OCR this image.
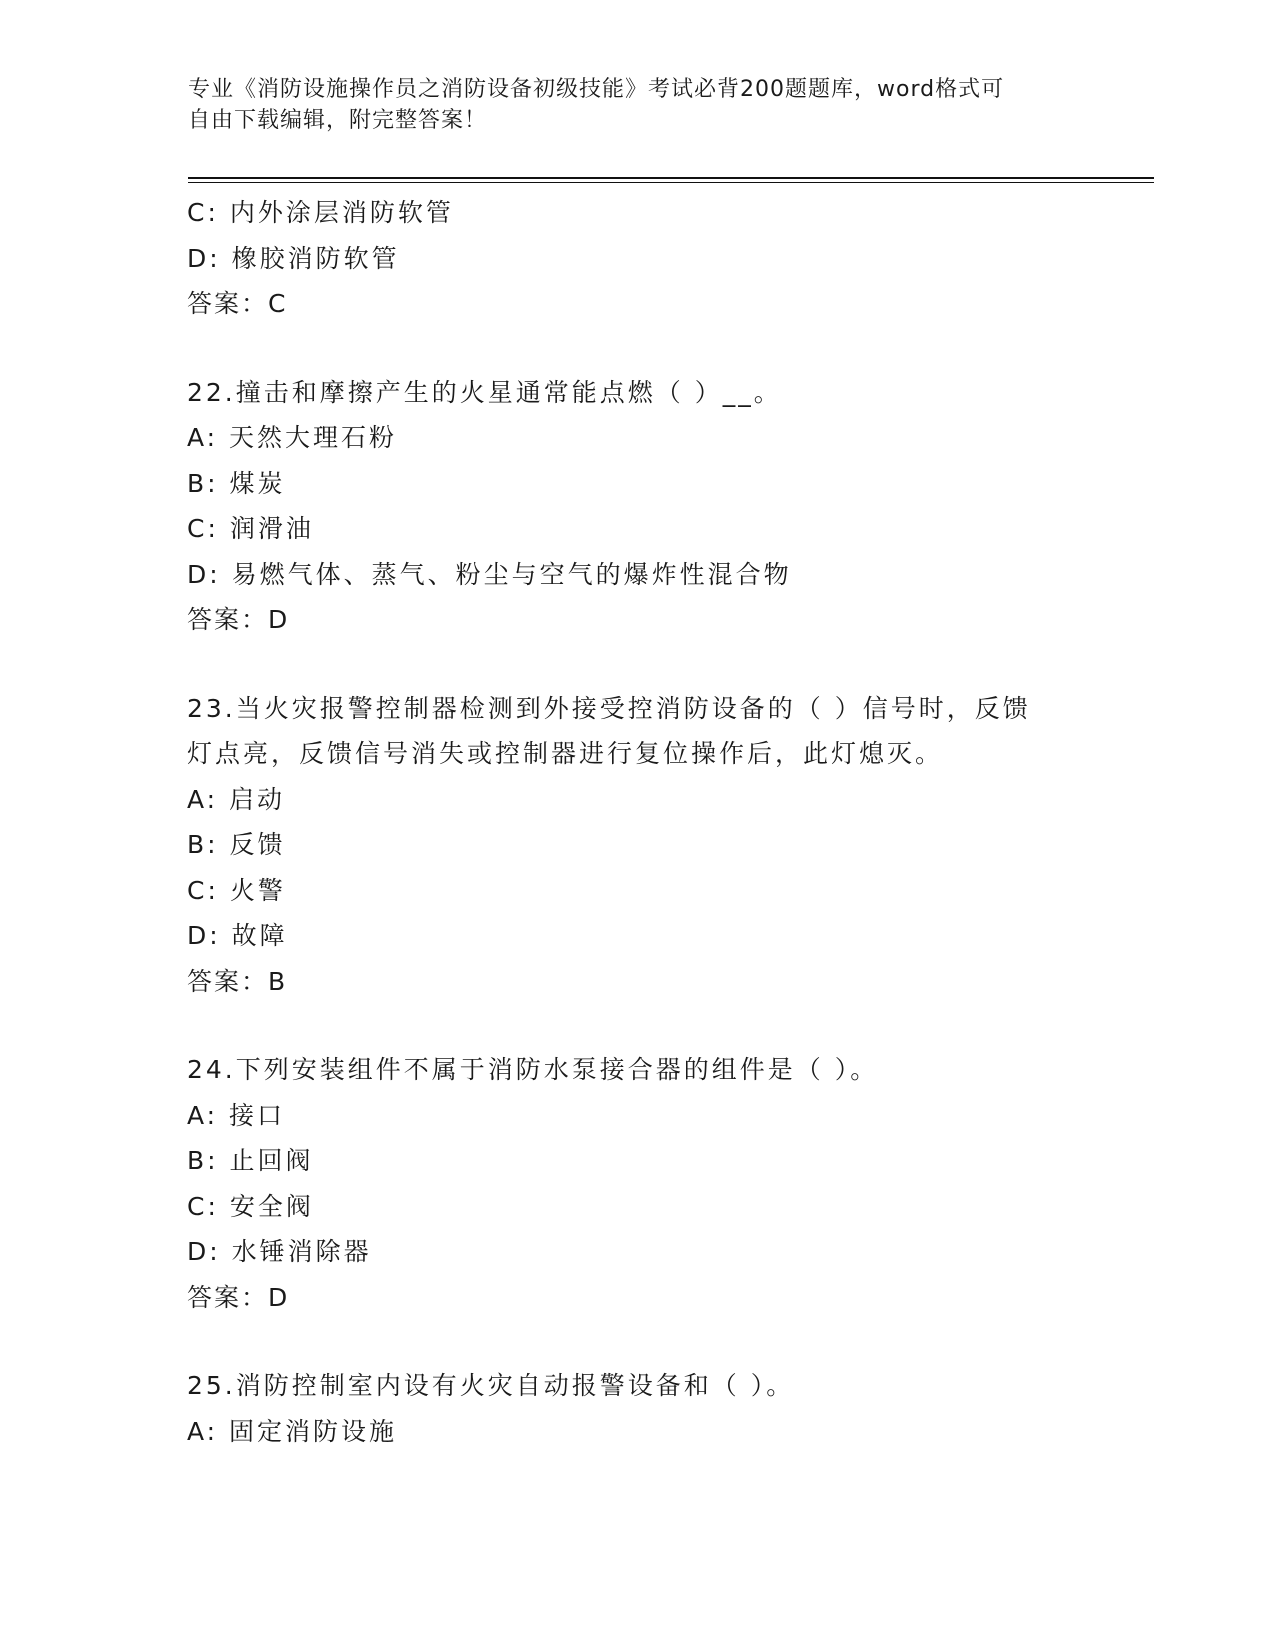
专业《消防设施操作员之消防设备初级技能》考试必背200题题库，word格式可
自由下载编辑，附完整答案！
C: 内外涂层消防软管
D: 橡胶消防软管
答案：C
22.撞击和摩擦产生的火星通常能点燃（ ）__。
A: 天然大理石粉
B: 煤炭
C: 润滑油
D: 易燃气体、蒸气、粉尘与空气的爆炸性混合物
答案：D
23.当火灾报警控制器检测到外接受控消防设备的（ ）信号时，反馈
灯点亮，反馈信号消失或控制器进行复位操作后，此灯熄灭。
A: 启动
B: 反馈
C: 火警
D: 故障
答案：B
24.下列安装组件不属于消防水泵接合器的组件是（ ）。
A: 接口
B: 止回阀
C: 安全阀
D: 水锤消除器
答案：D
25.消防控制室内设有火灾自动报警设备和（ ）。
A: 固定消防设施
